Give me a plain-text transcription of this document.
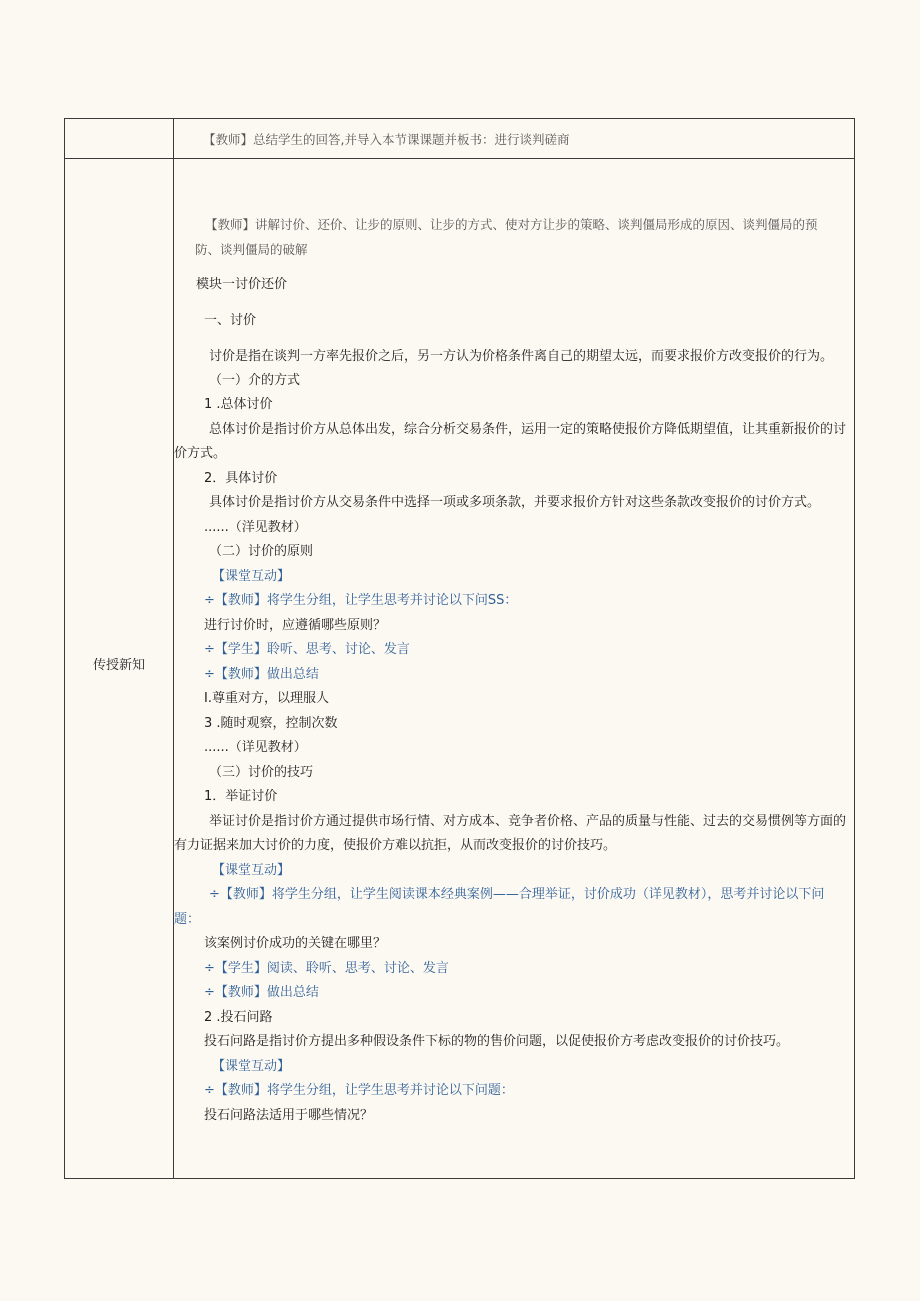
【教师】总结学生的回答,并导入本节课课题并板书：进行谈判磋商
传授新知
【教师】讲解讨价、还价、让步的原则、让步的方式、使对方让步的策略、谈判僵局形成的原因、谈判僵局的预
防、谈判僵局的破解
模块一讨价还价
一、讨价
讨价是指在谈判一方率先报价之后，另一方认为价格条件离自己的期望太远，而要求报价方改变报价的行为。
（一）介的方式
1 .总体讨价
总体讨价是指讨价方从总体出发，综合分析交易条件，运用一定的策略使报价方降低期望值，让其重新报价的讨
价方式。
2．具体讨价
具体讨价是指讨价方从交易条件中选择一项或多项条款，并要求报价方针对这些条款改变报价的讨价方式。
......（洋见教材）
（二）讨价的原则
【课堂互动】
÷【教师】将学生分组，让学生思考并讨论以下问SS：
进行讨价时，应遵循哪些原则？
÷【学生】聆听、思考、讨论、发言
÷【教师】做出总结
I.尊重对方，以理服人
3 .随时观察，控制次数
......（详见教材）
（三）讨价的技巧
1．举证讨价
举证讨价是指讨价方通过提供市场行情、对方成本、竞争者价格、产品的质量与性能、过去的交易惯例等方面的
有力证据来加大讨价的力度，使报价方难以抗拒，从而改变报价的讨价技巧。
【课堂互动】
÷【教师】将学生分组，让学生阅读课本经典案例——合理举证，讨价成功（详见教材），思考并讨论以下问
题：
该案例讨价成功的关键在哪里？
÷【学生】阅读、聆听、思考、讨论、发言
÷【教师】做出总结
2 .投石问路
投石问路是指讨价方提出多种假设条件下标的物的售价问题，以促使报价方考虑改变报价的讨价技巧。
【课堂互动】
÷【教师】将学生分组，让学生思考并讨论以下问题：
投石问路法适用于哪些情况？
